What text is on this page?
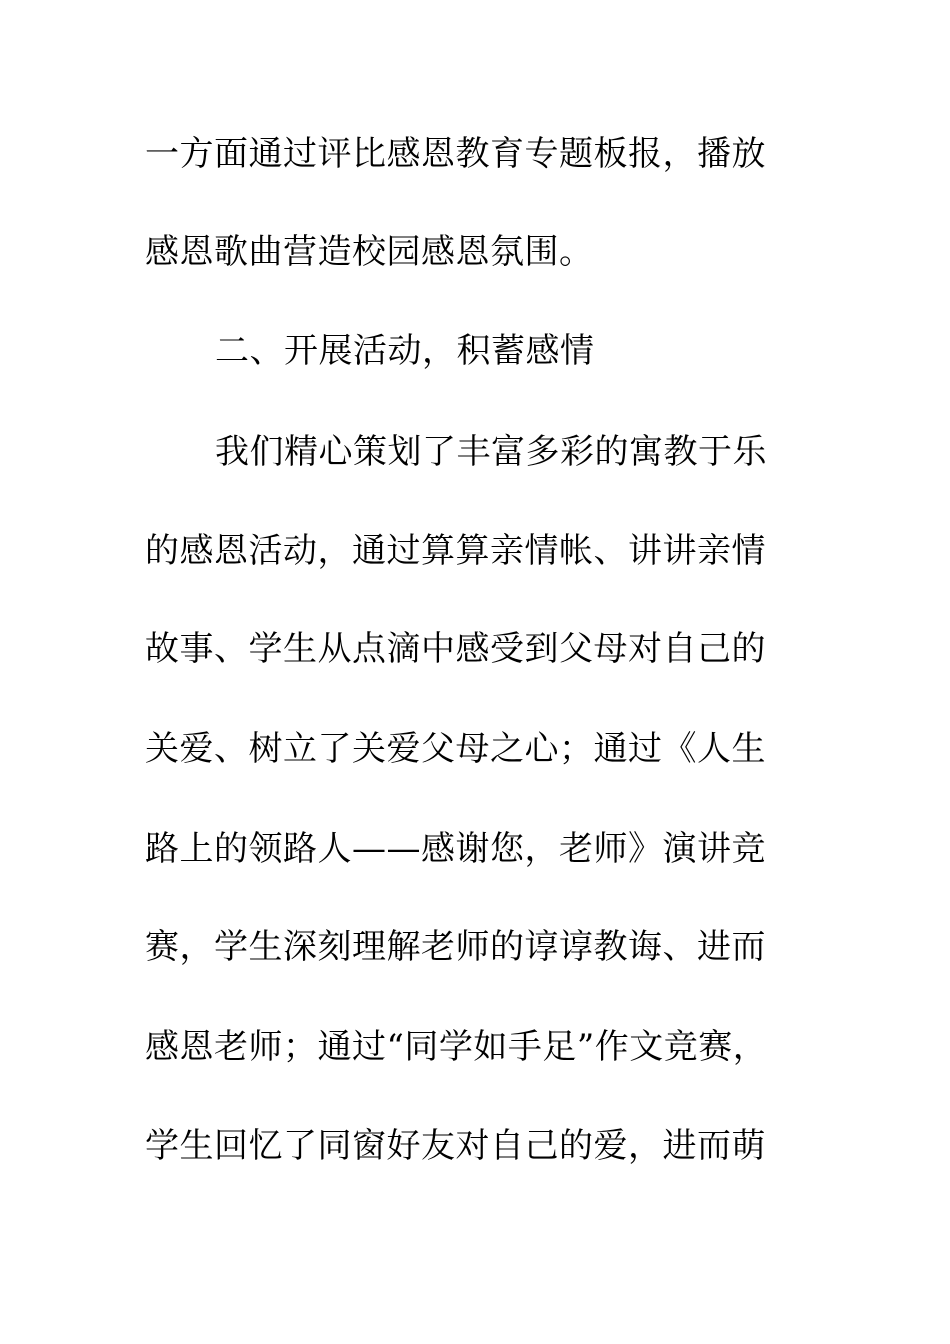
一方面通过评比感恩教育专题板报，播放
感恩歌曲营造校园感恩氛围。
二、开展活动，积蓄感情
我们精心策划了丰富多彩的寓教于乐
的感恩活动，通过算算亲情帐、讲讲亲情
故事、学生从点滴中感受到父母对自己的
关爱、树立了关爱父母之心；通过《人生
路上的领路人——感谢您，老师》演讲竞
赛，学生深刻理解老师的谆谆教诲、进而
感恩老师；通过“同学如手足”作文竞赛，
学生回忆了同窗好友对自己的爱，进而萌
